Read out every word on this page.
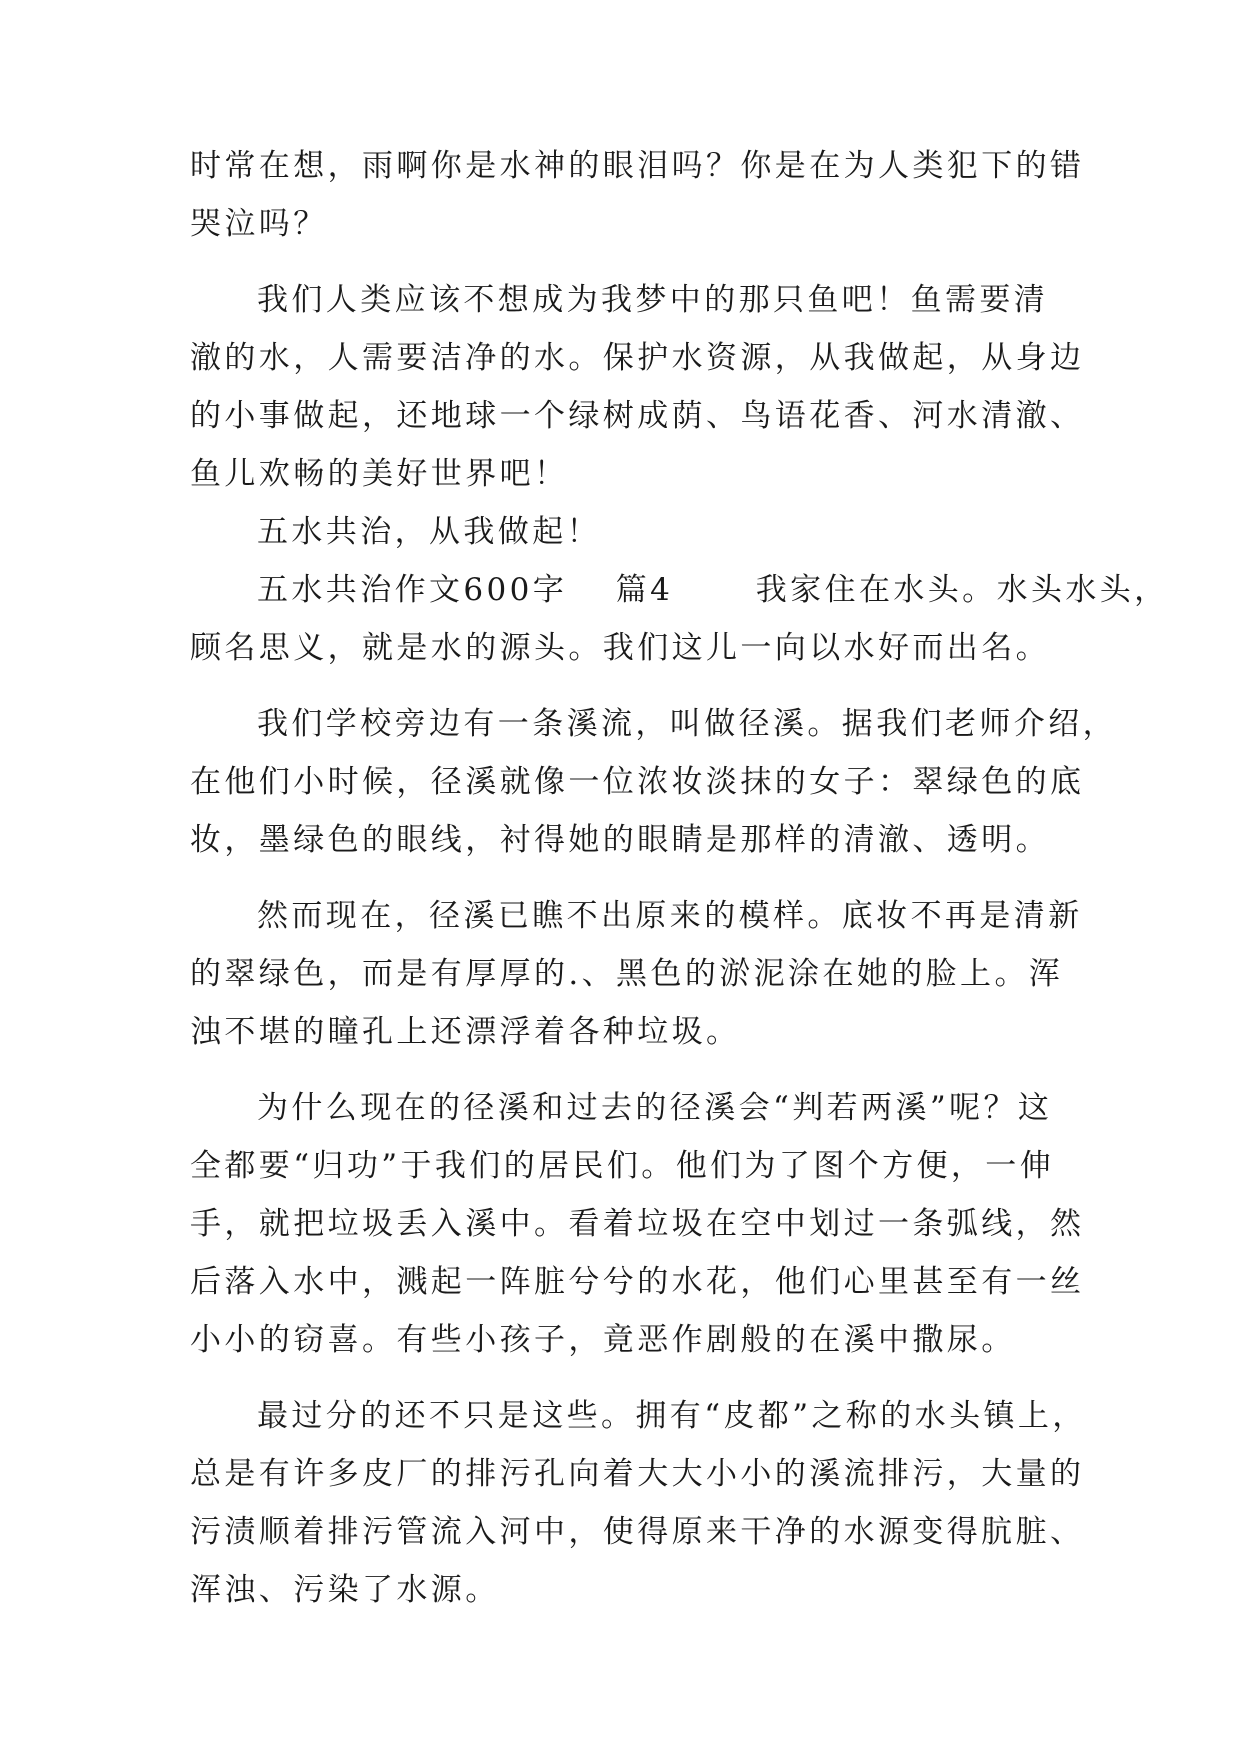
时常在想，雨啊你是水神的眼泪吗？你是在为人类犯下的错
哭泣吗？
我们人类应该不想成为我梦中的那只鱼吧！鱼需要清
澈的水，人需要洁净的水。保护水资源，从我做起，从身边
的小事做起，还地球一个绿树成荫、鸟语花香、河水清澈、
鱼儿欢畅的美好世界吧！
五水共治，从我做起！
五水共治作文600字 篇4	我家住在水头。水头水头，
顾名思义，就是水的源头。我们这儿一向以水好而出名。
我们学校旁边有一条溪流，叫做径溪。据我们老师介绍，
在他们小时候，径溪就像一位浓妆淡抹的女子：翠绿色的底
妆，墨绿色的眼线，衬得她的眼睛是那样的清澈、透明。
然而现在，径溪已瞧不出原来的模样。底妆不再是清新
的翠绿色，而是有厚厚的.、黑色的淤泥涂在她的脸上。浑
浊不堪的瞳孔上还漂浮着各种垃圾。
为什么现在的径溪和过去的径溪会“判若两溪”呢？这
全都要“归功”于我们的居民们。他们为了图个方便，一伸
手，就把垃圾丢入溪中。看着垃圾在空中划过一条弧线，然
后落入水中，溅起一阵脏兮兮的水花，他们心里甚至有一丝
小小的窃喜。有些小孩子，竟恶作剧般的在溪中撒尿。
最过分的还不只是这些。拥有“皮都”之称的水头镇上，
总是有许多皮厂的排污孔向着大大小小的溪流排污，大量的
污渍顺着排污管流入河中，使得原来干净的水源变得肮脏、
浑浊、污染了水源。
